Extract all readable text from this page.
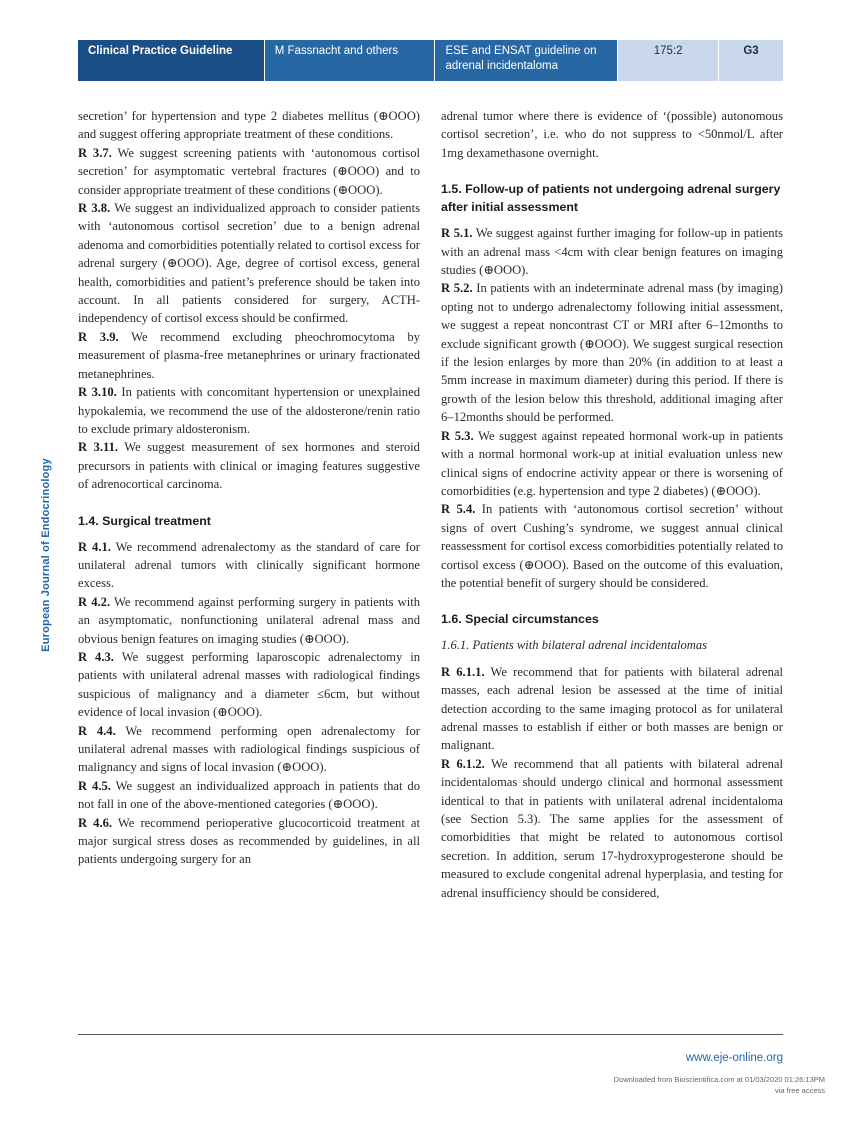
Clinical Practice Guideline	M Fassnacht and others	ESE and ENSAT guideline on adrenal incidentaloma
175:2	G3
European Journal of Endocrinology

secretion’ for hypertension and type 2 diabetes mellitus (⊕OOO) and suggest offering appropriate treatment of these conditions.

R 3.7. We suggest screening patients with ‘autonomous cortisol secretion’ for asymptomatic vertebral fractures (⊕OOO) and to consider appropriate treatment of these conditions (⊕OOO).

R 3.8. We suggest an individualized approach to consider patients with ‘autonomous cortisol secretion’ due to a benign adrenal adenoma and comorbidities potentially related to cortisol excess for adrenal surgery (⊕OOO). Age, degree of cortisol excess, general health, comorbidities and patient’s preference should be taken into account. In all patients considered for surgery, ACTH-independency of cortisol excess should be confirmed.

R 3.9. We recommend excluding pheochromocytoma by measurement of plasma-free metanephrines or urinary fractionated metanephrines.

R 3.10. In patients with concomitant hypertension or unexplained hypokalemia, we recommend the use of the aldosterone/renin ratio to exclude primary aldosteronism.

R 3.11. We suggest measurement of sex hormones and steroid precursors in patients with clinical or imaging features suggestive of adrenocortical carcinoma.

1.4. Surgical treatment

R 4.1. We recommend adrenalectomy as the standard of care for unilateral adrenal tumors with clinically significant hormone excess.

R 4.2. We recommend against performing surgery in patients with an asymptomatic, nonfunctioning unilateral adrenal mass and obvious benign features on imaging studies (⊕OOO).

R 4.3. We suggest performing laparoscopic adrenalectomy in patients with unilateral adrenal masses with radiological findings suspicious of malignancy and a diameter ≤6cm, but without evidence of local invasion (⊕OOO).

R 4.4. We recommend performing open adrenalectomy for unilateral adrenal masses with radiological findings suspicious of malignancy and signs of local invasion (⊕OOO).

R 4.5. We suggest an individualized approach in patients that do not fall in one of the above-mentioned categories (⊕OOO).

R 4.6. We recommend perioperative glucocorticoid treatment at major surgical stress doses as recommended by guidelines, in all patients undergoing surgery for an

adrenal tumor where there is evidence of ‘(possible) autonomous cortisol secretion’, i.e. who do not suppress to <50nmol/L after 1mg dexamethasone overnight.

1.5. Follow-up of patients not undergoing adrenal surgery after initial assessment

R 5.1. We suggest against further imaging for follow-up in patients with an adrenal mass <4cm with clear benign features on imaging studies (⊕OOO).

R 5.2. In patients with an indeterminate adrenal mass (by imaging) opting not to undergo adrenalectomy following initial assessment, we suggest a repeat noncontrast CT or MRI after 6–12months to exclude significant growth (⊕OOO). We suggest surgical resection if the lesion enlarges by more than 20% (in addition to at least a 5mm increase in maximum diameter) during this period. If there is growth of the lesion below this threshold, additional imaging after 6–12months should be performed.

R 5.3. We suggest against repeated hormonal work-up in patients with a normal hormonal work-up at initial evaluation unless new clinical signs of endocrine activity appear or there is worsening of comorbidities (e.g. hypertension and type 2 diabetes) (⊕OOO).

R 5.4. In patients with ‘autonomous cortisol secretion’ without signs of overt Cushing’s syndrome, we suggest annual clinical reassessment for cortisol excess comorbidities potentially related to cortisol excess (⊕OOO). Based on the outcome of this evaluation, the potential benefit of surgery should be considered.

1.6. Special circumstances

1.6.1. Patients with bilateral adrenal incidentalomas

R 6.1.1. We recommend that for patients with bilateral adrenal masses, each adrenal lesion be assessed at the time of initial detection according to the same imaging protocol as for unilateral adrenal masses to establish if either or both masses are benign or malignant.

R 6.1.2. We recommend that all patients with bilateral adrenal incidentalomas should undergo clinical and hormonal assessment identical to that in patients with unilateral adrenal incidentaloma (see Section 5.3). The same applies for the assessment of comorbidities that might be related to autonomous cortisol secretion. In addition, serum 17-hydroxyprogesterone should be measured to exclude congenital adrenal hyperplasia, and testing for adrenal insufficiency should be considered,

www.eje-online.org
Downloaded from Bioscientifica.com at 01/03/2020 01:26:13PM
via free access
